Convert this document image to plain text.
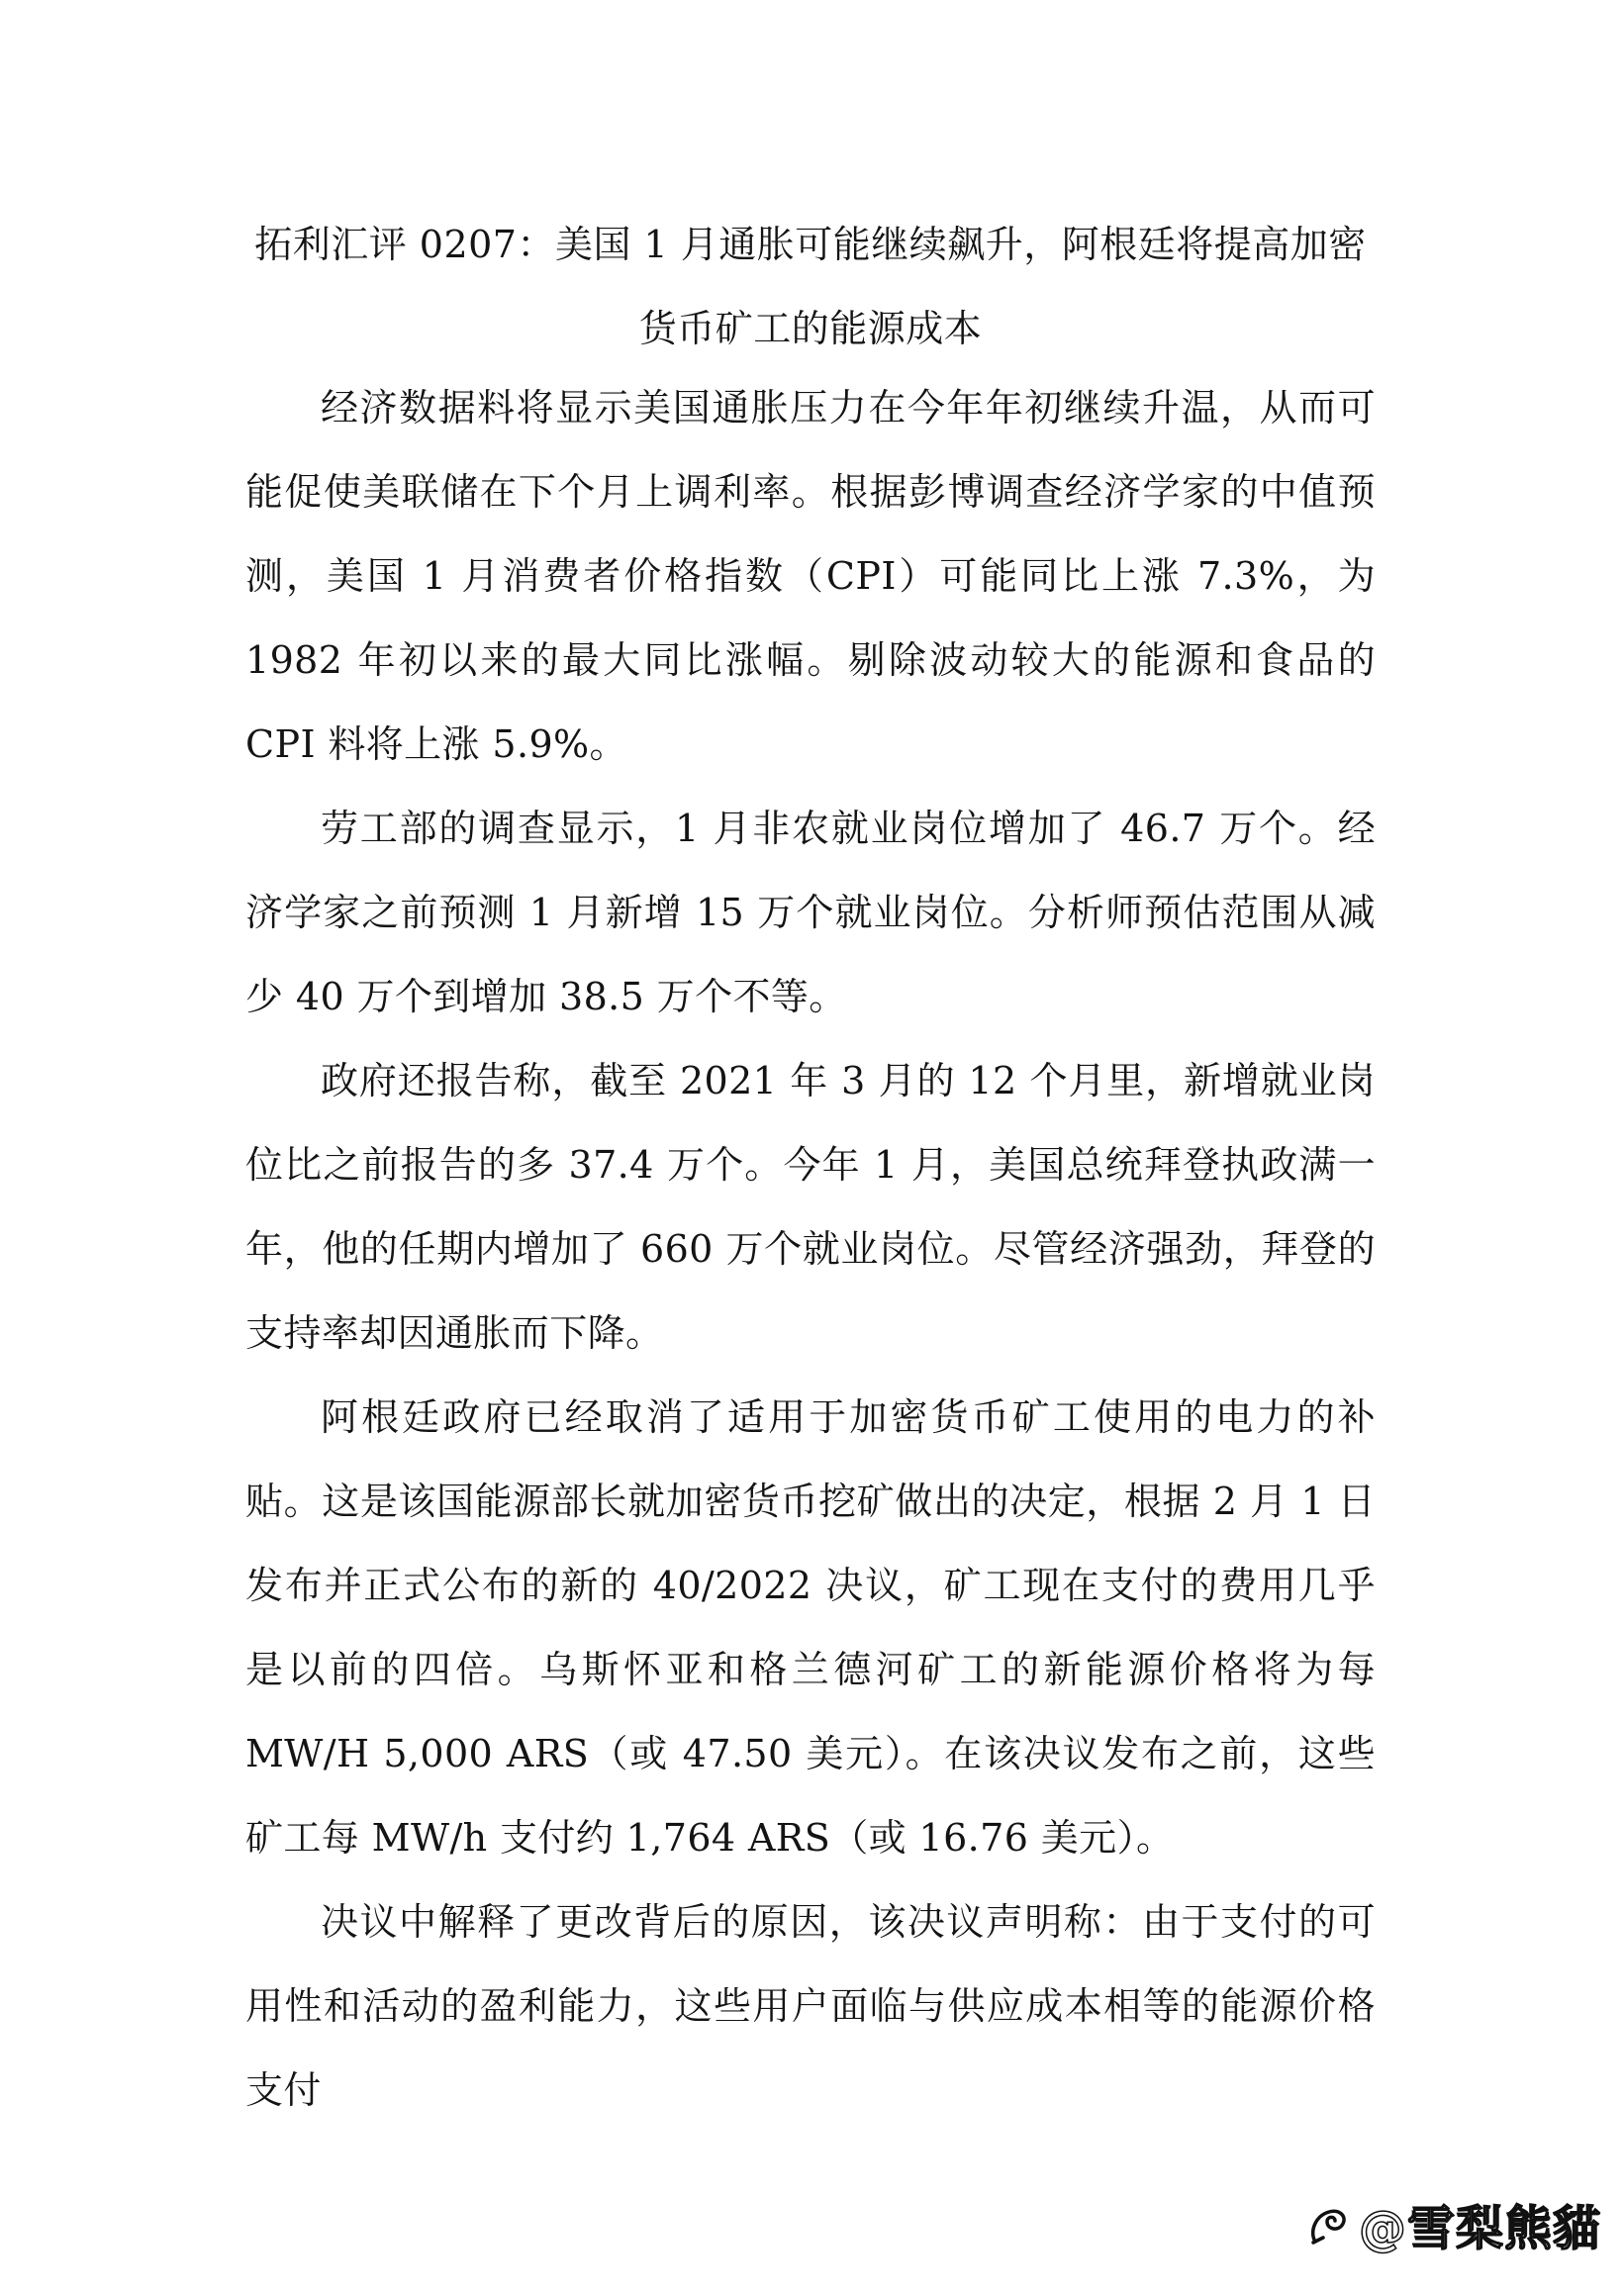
拓利汇评 0207：美国 1 月通胀可能继续飙升，阿根廷将提高加密货币矿工的能源成本

经济数据料将显示美国通胀压力在今年年初继续升温，从而可能促使美联储在下个月上调利率。根据彭博调查经济学家的中值预测，美国 1 月消费者价格指数（CPI）可能同比上涨 7.3%，为 1982 年初以来的最大同比涨幅。剔除波动较大的能源和食品的 CPI 料将上涨 5.9%。

劳工部的调查显示，1 月非农就业岗位增加了 46.7 万个。经济学家之前预测 1 月新增 15 万个就业岗位。分析师预估范围从减少 40 万个到增加 38.5 万个不等。

政府还报告称，截至 2021 年 3 月的 12 个月里，新增就业岗位比之前报告的多 37.4 万个。今年 1 月，美国总统拜登执政满一年，他的任期内增加了 660 万个就业岗位。尽管经济强劲，拜登的支持率却因通胀而下降。

阿根廷政府已经取消了适用于加密货币矿工使用的电力的补贴。这是该国能源部长就加密货币挖矿做出的决定，根据 2 月 1 日发布并正式公布的新的 40/2022 决议，矿工现在支付的费用几乎是以前的四倍。乌斯怀亚和格兰德河矿工的新能源价格将为每 MW/H 5,000 ARS（或 47.50 美元）。在该决议发布之前，这些矿工每 MW/h 支付约 1,764 ARS（或 16.76 美元）。

决议中解释了更改背后的原因，该决议声明称：由于支付的可用性和活动的盈利能力，这些用户面临与供应成本相等的能源价格支付

@雪梨熊貓
